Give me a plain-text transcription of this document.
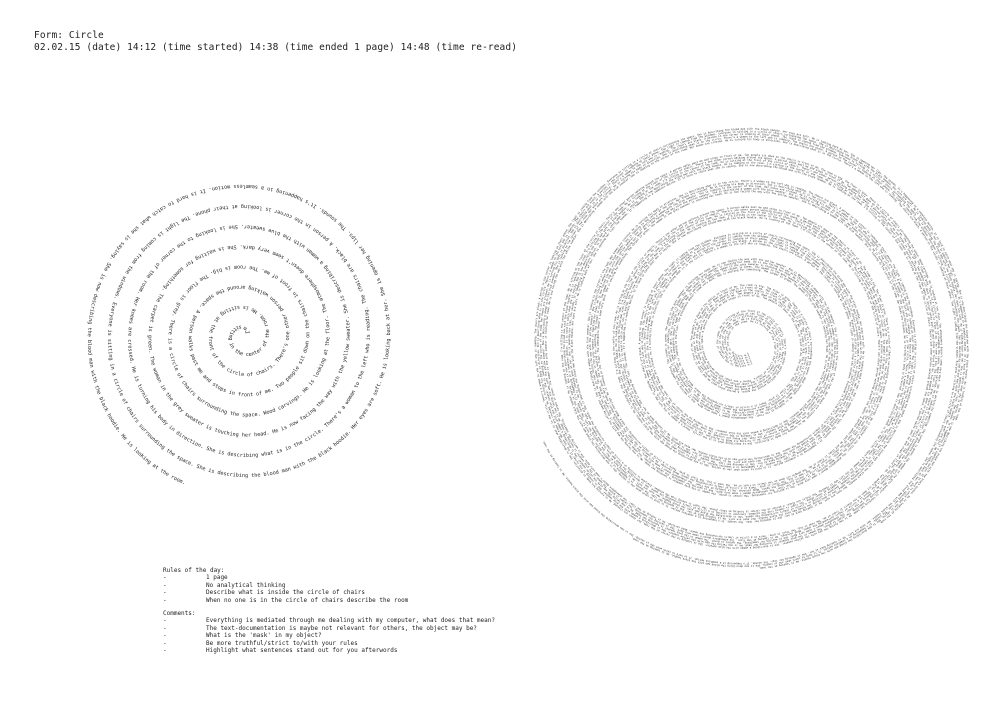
Form: Circle
02.02.15 (date) 14:12 (time started) 14:38 (time ended 1 page) 14:48 (time re-read)
I'm sitting in the center of the room. He is sitting at the front of the circle of chairs. There's one other person walking around the space. A person walks past me and stops in front of me. Two people sit down on the chairs in front of me. The room is big. The floor is grey. There is a circle of chairs surrounding the space. Wood carvings. He is looking at the floor. The atmosphere doesn't seem very dark. She is waiting for something. The carpet is green. The woman in the grey sweater is touching her head. He is now facing the way with the yellow sweater. She is describing a woman with the blue sweater. She is looking to the corner of the room. Her knees are crossed. He is turning his body in direction. She is describing what is in the circle. There's a woman to the left who is reading. The chairs are black. A person in the corner is looking at their phone. The light is coming from the windows. Everyone is sitting in a circle of chairs surrounding the space. She is describing the blood man with the black hoodie. Her eyes are soft. He is looking back at her. She is opening her lips. The sounds. It's happening in a seamless motion. It is hard to catch what she is saying. She is now describing the blood man with the black hoodie. He is looking at the room.
I'm sitting in the center of the room. He is sitting at the front of the circle of chairs. There's one other person walking around the space. A person walks past me and stops in front of me. Two people sit down on the chairs in front of me. The room is big. The floor is grey. There is a circle of chairs surrounding the space. Wood carvings. He is looking at the floor. The atmosphere doesn't seem very dark. She is waiting for something. The carpet is green. The woman in the grey sweater is touching her head. He is now facing the way with the yellow sweater. She is describing a woman with the blue sweater. She is looking to the corner of the room. Her knees are crossed. He is turning his body in direction. She is describing what is in the circle. There's a woman to the left who is reading. The chairs are black. A person in the corner is looking at their phone. The light is coming from the windows. Everyone is sitting in a circle of chairs surrounding the space. She is describing the blood man with the black hoodie. Her eyes are soft. He is looking back at her. She is opening her lips. The sounds. It's happening in a seamless motion. It is hard to catch what she is saying. She is now describing the blood man with the black hoodie. He is looking at the room. I'm sitting in the center of the room. He is sitting at the front of the circle of chairs. There's one other person walking around the space. A person walks past me and stops in front of me. Two people sit down on the chairs in front of me. The room is big. The floor is grey. There is a circle of chairs surrounding the space. Wood carvings. He is looking at the floor. The atmosphere doesn't seem very dark. She is waiting for something. The carpet is green. The woman in the grey sweater is touching her head. He is now facing the way with the yellow sweater. She is describing a woman with the blue sweater. She is looking to the corner of the room. Her knees are crossed. He is turning his body in direction. She is describing what is in the circle. There's a woman to the left who is reading. The chairs are black. A person in the corner is looking at their phone. The light is coming from the windows. Everyone is sitting in a circle of chairs surrounding the space. She is describing the blood man with the black hoodie. Her eyes are soft. He is looking back at her. She is opening her lips. The sounds. It's happening in a seamless motion. It is hard to catch what she is saying. She is now describing the blood man with the black hoodie. He is looking at the room. I'm sitting in the center of the room. He is sitting at the front of the circle of chairs. There's one other person walking around the space. A person walks past me and stops in front of me. Two people sit down on the chairs in front of me. The room is big. The floor is grey. There is a circle of chairs surrounding the space. Wood carvings. He is looking at the floor. The atmosphere doesn't seem very dark. She is waiting for something. The carpet is green. The woman in the grey sweater is touching her head. He is now facing the way with the yellow sweater. She is describing a woman with the blue sweater. She is looking to the corner of the room. Her knees are crossed. He is turning his body in direction. She is describing what is in the circle. There's a woman to the left who is reading. The chairs are black. A person in the corner is looking at their phone. The light is coming from the windows. Everyone is sitting in a circle of chairs surrounding the space. She is describing the blood man with the black hoodie. Her eyes are soft. He is looking back at her. She is opening her lips. The sounds. It's happening in a seamless motion. It is hard to catch what she is saying. She is now describing the blood man with the black hoodie. He is looking at the room.
I'm sitting in the center of the room. He is sitting at the front of the circle of chairs. There's one other person walking around the space. A person walks past me and stops in front of me. Two people sit down on the chairs in front of me. The room is big. The floor is grey. There is a circle of chairs surrounding the space. Wood carvings. He is looking at the floor. The atmosphere doesn't seem very dark. She is waiting for something. The carpet is green. The woman in the grey sweater is touching her head. He is now facing the way with the yellow sweater. She is describing a woman with the blue sweater. She is looking to the corner of the room. Her knees are crossed. He is turning his body in direction. She is describing what is in the circle. There's a woman to the left who is reading. The chairs are black. A person in the corner is looking at their phone. The light is coming from the windows. Everyone is sitting in a circle of chairs surrounding the space. She is describing the blood man with the black hoodie. Her eyes are soft. He is looking back at her. She is opening her lips. The sounds. It's happening in a seamless motion. It is hard to catch what she is saying. She is now describing the blood man with the black hoodie. He is looking at the room. I'm sitting in the center of the room. He is sitting at the front of the circle of chairs. There's one other person walking around the space. A person walks past me and stops in front of me. Two people sit down on the chairs in front of me. The room is big. The floor is grey. There is a circle of chairs surrounding the space. Wood carvings. He is looking at the floor. The atmosphere doesn't seem very dark. She is waiting for something. The carpet is green. The woman in the grey sweater is touching her head. He is now facing the way with the yellow sweater. She is describing a woman with the blue sweater. She is looking to the corner of the room. Her knees are crossed. He is turning his body in direction. She is describing what is in the circle. There's a woman to the left who is reading. The chairs are black. A person in the corner is looking at their phone. The light is coming from the windows. Everyone is sitting in a circle of chairs surrounding the space. She is describing the blood man with the black hoodie. Her eyes are soft. He is looking back at her. She is opening her lips. The sounds. It's happening in a seamless motion. It is hard to catch what she is saying. She is now describing the blood man with the black hoodie. He is looking at the room. I'm sitting in the center of the room. He is sitting at the front of the circle of chairs. There's one other person walking around the space. A person walks past me and stops in front of me. Two people sit down on the chairs in front of me. The room is big. The floor is grey. There is a circle of chairs surrounding the space. Wood carvings. He is looking at the floor. The atmosphere doesn't seem very dark. She is waiting for something. The carpet is green. The woman in the grey sweater is touching her head. He is now facing the way with the yellow sweater. She is describing a woman with the blue sweater. She is looking to the corner of the room. Her knees are crossed. He is turning his body in direction. She is describing what is in the circle. There's a woman to the left who is reading. The chairs are black. A person in the corner is looking at their phone. The light is coming from the windows. Everyone is sitting in a circle of chairs surrounding the space. She is describing the blood man with the black hoodie. Her eyes are soft. He is looking back at her. She is opening her lips. The sounds. It's happening in a seamless motion. It is hard to catch what she is saying. She is now describing the blood man with the black hoodie. He is looking at the room.
I'm sitting in the center of the room. He is sitting at the front of the circle of chairs. There's one other person walking around the space. A person walks past me and stops in front of me. Two people sit down on the chairs in front of me. The room is big. The floor is grey. There is a circle of chairs surrounding the space. Wood carvings. He is looking at the floor. The atmosphere doesn't seem very dark. She is waiting for something. The carpet is green. The woman in the grey sweater is touching her head. He is now facing the way with the yellow sweater. She is describing a woman with the blue sweater. She is looking to the corner of the room. Her knees are crossed. He is turning his body in direction. She is describing what is in the circle. There's a woman to the left who is reading. The chairs are black. A person in the corner is looking at their phone. The light is coming from the windows. Everyone is sitting in a circle of chairs surrounding the space. She is describing the blood man with the black hoodie. Her eyes are soft. He is looking back at her. She is opening her lips. The sounds. It's happening in a seamless motion. It is hard to catch what she is saying. She is now describing the blood man with the black hoodie. He is looking at the room. I'm sitting in the center of the room. He is sitting at the front of the circle of chairs. There's one other person walking around the space. A person walks past me and stops in front of me. Two people sit down on the chairs in front of me. The room is big. The floor is grey. There is a circle of chairs surrounding the space. Wood carvings. He is looking at the floor. The atmosphere doesn't seem very dark. She is waiting for something. The carpet is green. The woman in the grey sweater is touching her head. He is now facing the way with the yellow sweater. She is describing a woman with the blue sweater. She is looking to the corner of the room. Her knees are crossed. He is turning his body in direction. She is describing what is in the circle. There's a woman to the left who is reading. The chairs are black. A person in the corner is looking at their phone. The light is coming from the windows. Everyone is sitting in a circle of chairs surrounding the space. She is describing the blood man with the black hoodie. Her eyes are soft. He is looking back at her. She is opening her lips. The sounds. It's happening in a seamless motion. It is hard to catch what she is saying. She is now describing the blood man with the black hoodie. He is looking at the room. I'm sitting in the center of the room. He is sitting at the front of the circle of chairs. There's one other person walking around the space. A person walks past me and stops in front of me. Two people sit down on the chairs in front of me. The room is big. The floor is grey. There is a circle of chairs surrounding the space. Wood carvings. He is looking at the floor. The atmosphere doesn't seem very dark. She is waiting for something. The carpet is green. The woman in the grey sweater is touching her head. He is now facing the way with the yellow sweater. She is describing a woman with the blue sweater. She is looking to the corner of the room. Her knees are crossed. He is turning his body in direction. She is describing what is in the circle. There's a woman to the left who is reading. The chairs are black. A person in the corner is looking at their phone. The light is coming from the windows. Everyone is sitting in a circle of chairs surrounding the space. She is describing the blood man with the black hoodie. Her eyes are soft. He is looking back at her. She is opening her lips. The sounds. It's happening in a seamless motion. It is hard to catch what she is saying. She is now describing the blood man with the black hoodie. He is looking at the room.
I'm sitting in the center of the room. He is sitting at the front of the circle of chairs. There's one other person walking around the space. A person walks past me and stops in front of me. Two people sit down on the chairs in front of me. The room is big. The floor is grey. There is a circle of chairs surrounding the space. Wood carvings. He is looking at the floor. The atmosphere doesn't seem very dark. She is waiting for something. The carpet is green. The woman in the grey sweater is touching her head. He is now facing the way with the yellow sweater. She is describing a woman with the blue sweater. She is looking to the corner of the room. Her knees are crossed. He is turning his body in direction. She is describing what is in the circle. There's a woman to the left who is reading. The chairs are black. A person in the corner is looking at their phone. The light is coming from the windows. Everyone is sitting in a circle of chairs surrounding the space. She is describing the blood man with the black hoodie. Her eyes are soft. He is looking back at her. She is opening her lips. The sounds. It's happening in a seamless motion. It is hard to catch what she is saying. She is now describing the blood man with the black hoodie. He is looking at the room. I'm sitting in the center of the room. He is sitting at the front of the circle of chairs. There's one other person walking around the space. A person walks past me and stops in front of me. Two people sit down on the chairs in front of me. The room is big. The floor is grey. There is a circle of chairs surrounding the space. Wood carvings. He is looking at the floor. The atmosphere doesn't seem very dark. She is waiting for something. The carpet is green. The woman in the grey sweater is touching her head. He is now facing the way with the yellow sweater. She is describing a woman with the blue sweater. She is looking to the corner of the room. Her knees are crossed. He is turning his body in direction. She is describing what is in the circle. There's a woman to the left who is reading. The chairs are black. A person in the corner is looking at their phone. The light is coming from the windows. Everyone is sitting in a circle of chairs surrounding the space. She is describing the blood man with the black hoodie. Her eyes are soft. He is looking back at her. She is opening her lips. The sounds. It's happening in a seamless motion. It is hard to catch what she is saying. She is now describing the blood man with the black hoodie. He is looking at the room. I'm sitting in the center of the room. He is sitting at the front of the circle of chairs. There's one other person walking around the space. A person walks past me and stops in front of me. Two people sit down on the chairs in front of me. The room is big. The floor is grey. There is a circle of chairs surrounding the space. Wood carvings. He is looking at the floor. The atmosphere doesn't seem very dark. She is waiting for something. The carpet is green. The woman in the grey sweater is touching her head. He is now facing the way with the yellow sweater. She is describing a woman with the blue sweater. She is looking to the corner of the room. Her knees are crossed. He is turning his body in direction. She is describing what is in the circle. There's a woman to the left who is reading. The chairs are black. A person in the corner is looking at their phone. The light is coming from the windows. Everyone is sitting in a circle of chairs surrounding the space. She is describing the blood man with the black hoodie. Her eyes are soft. He is looking back at her. She is opening her lips. The sounds. It's happening in a seamless motion. It is hard to catch what she is saying. She is now describing the blood man with the black hoodie. He is looking at the room.
I'm sitting in the center of the room. He is sitting at the front of the circle of chairs. There's one other person walking around the space. A person walks past me and stops in front of me. Two people sit down on the chairs in front of me. The room is big. The floor is grey. There is a circle of chairs surrounding the space. Wood carvings. He is looking at the floor. The atmosphere doesn't seem very dark. She is waiting for something. The carpet is green. The woman in the grey sweater is touching her head. He is now facing the way with the yellow sweater. She is describing a woman with the blue sweater. She is looking to the corner of the room. Her knees are crossed. He is turning his body in direction. She is describing what is in the circle. There's a woman to the left who is reading. The chairs are black. A person in the corner is looking at their phone. The light is coming from the windows. Everyone is sitting in a circle of chairs surrounding the space. She is describing the blood man with the black hoodie. Her eyes are soft. He is looking back at her. She is opening her lips. The sounds. It's happening in a seamless motion. It is hard to catch what she is saying. She is now describing the blood man with the black hoodie. He is looking at the room. I'm sitting in the center of the room. He is sitting at the front of the circle of chairs. There's one other person walking around the space. A person walks past me and stops in front of me. Two people sit down on the chairs in front of me. The room is big. The floor is grey. There is a circle of chairs surrounding the space. Wood carvings. He is looking at the floor. The atmosphere doesn't seem very dark. She is waiting for something. The carpet is green. The woman in the grey sweater is touching her head. He is now facing the way with the yellow sweater. She is describing a woman with the blue sweater. She is looking to the corner of the room. Her knees are crossed. He is turning his body in direction. She is describing what is in the circle. There's a woman to the left who is reading. The chairs are black. A person in the corner is looking at their phone. The light is coming from the windows. Everyone is sitting in a circle of chairs surrounding the space. She is describing the blood man with the black hoodie. Her eyes are soft. He is looking back at her. She is opening her lips. The sounds. It's happening in a seamless motion. It is hard to catch what she is saying. She is now describing the blood man with the black hoodie. He is looking at the room. I'm sitting in the center of the room. He is sitting at the front of the circle of chairs. There's one other person walking around the space. A person walks past me and stops in front of me. Two people sit down on the chairs in front of me. The room is big. The floor is grey. There is a circle of chairs surrounding the space. Wood carvings. He is looking at the floor. The atmosphere doesn't seem very dark. She is waiting for something. The carpet is green. The woman in the grey sweater is touching her head. He is now facing the way with the yellow sweater. She is describing a woman with the blue sweater. She is looking to the corner of the room. Her knees are crossed. He is turning his body in direction. She is describing what is in the circle. There's a woman to the left who is reading. The chairs are black. A person in the corner is looking at their phone. The light is coming from the windows. Everyone is sitting in a circle of chairs surrounding the space. She is describing the blood man with the black hoodie. Her eyes are soft. He is looking back at her. She is opening her lips. The sounds. It's happening in a seamless motion. It is hard to catch what she is saying. She is now describing the blood man with the black hoodie. He is looking at the room.
Rules of the day:
-	1 page
-	No analytical thinking
-	Describe what is inside the circle of chairs
-	When no one is in the circle of chairs describe the room
Comments:
-	Everything is mediated through me dealing with my computer, what does that mean?
-	The text-documentation is maybe not relevant for others, the object may be?
-	What is the 'mask' in my object?
-	Be more truthful/strict to/with your rules
-	Highlight what sentences stand out for you afterwords
